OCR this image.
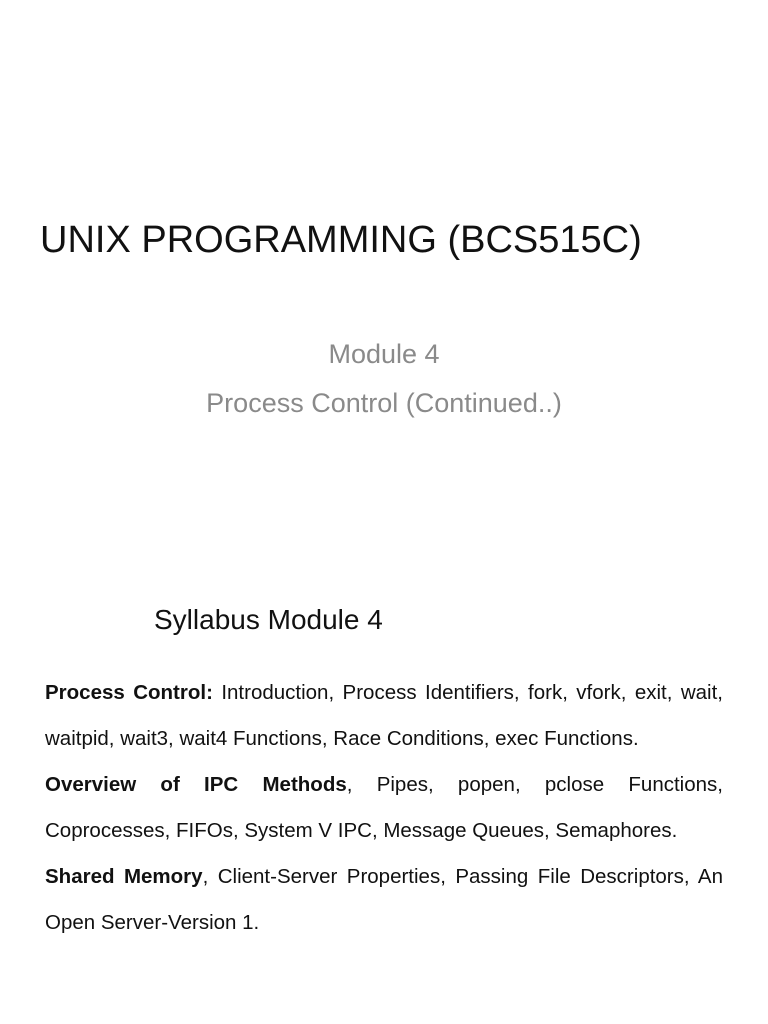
UNIX PROGRAMMING (BCS515C)
Module 4
Process Control (Continued..)
Syllabus Module 4

Process Control: Introduction, Process Identifiers, fork, vfork, exit, wait, waitpid, wait3, wait4 Functions, Race Conditions, exec Functions.

Overview of IPC Methods, Pipes, popen, pclose Functions, Coprocesses, FIFOs, System V IPC, Message Queues, Semaphores.

Shared Memory, Client-Server Properties, Passing File Descriptors, An Open Server-Version 1.
